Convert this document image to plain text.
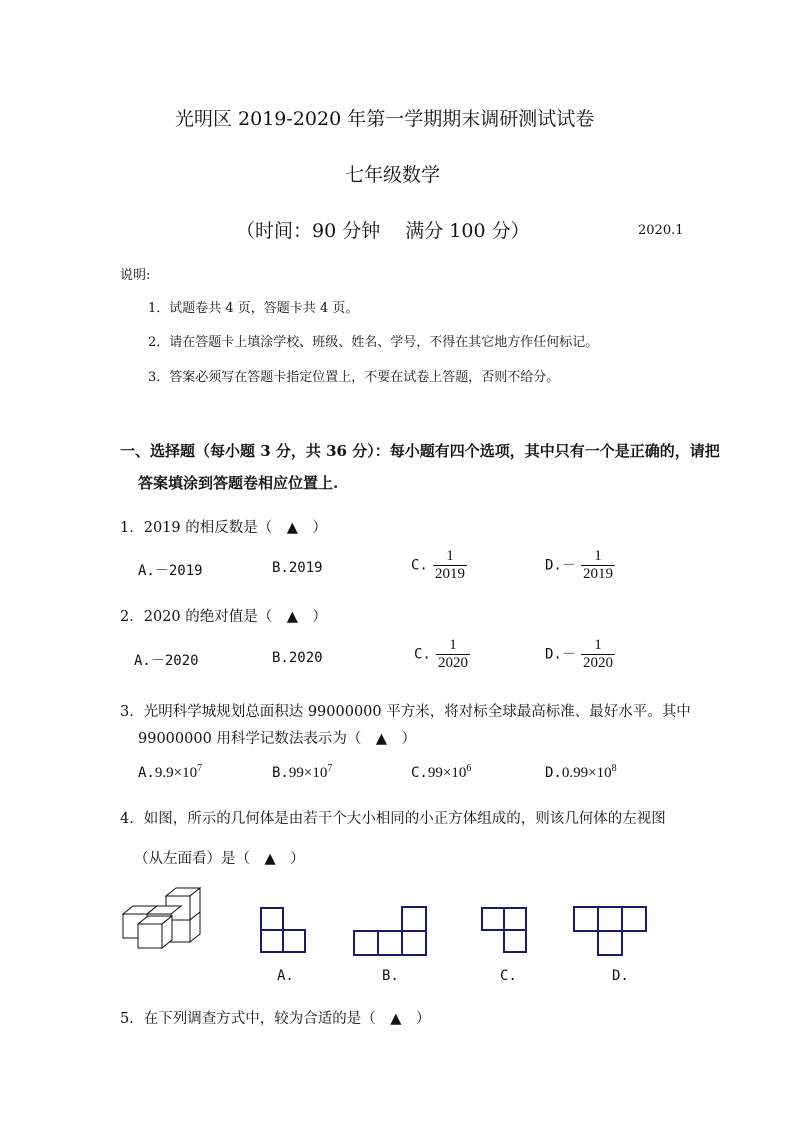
光明区 2019-2020 年第一学期期末调研测试试卷
七年级数学
（时间：90 分钟　 满分 100 分）	2020.1
说明:
1．试题卷共 4 页，答题卡共 4 页。
2．请在答题卡上填涂学校、班级、姓名、学号，不得在其它地方作任何标记。
3．答案必须写在答题卡指定位置上，不要在试卷上答题，否则不给分。
一、选择题（每小题 3 分，共 36 分）：每小题有四个选项，其中只有一个是正确的，请把
答案填涂到答题卷相应位置上.
1．2019 的相反数是（　▲　）
A.－2019	B.2019	C. $\frac{1}{2019}$	$D.- \frac{1}{2019}$
2．2020 的绝对值是（　▲　）
A.－2020	B.2020	C. $\frac{1}{2020}$	$D.- \frac{1}{2020}$
3．光明科学城规划总面积达 99000000 平方米，将对标全球最高标准、最好水平。其中
99000000 用科学记数法表示为（　▲　）
$A.9.9\times 10^7$	$B.99\times 10^7$	$C.99\times 10^6$	$D.0.99\times 10^8$
4．如图，所示的几何体是由若干个大小相同的小正方体组成的，则该几何体的左视图
（从左面看）是（　▲　）
A.	B.	C.	D.
5．在下列调查方式中，较为合适的是（　▲　）
